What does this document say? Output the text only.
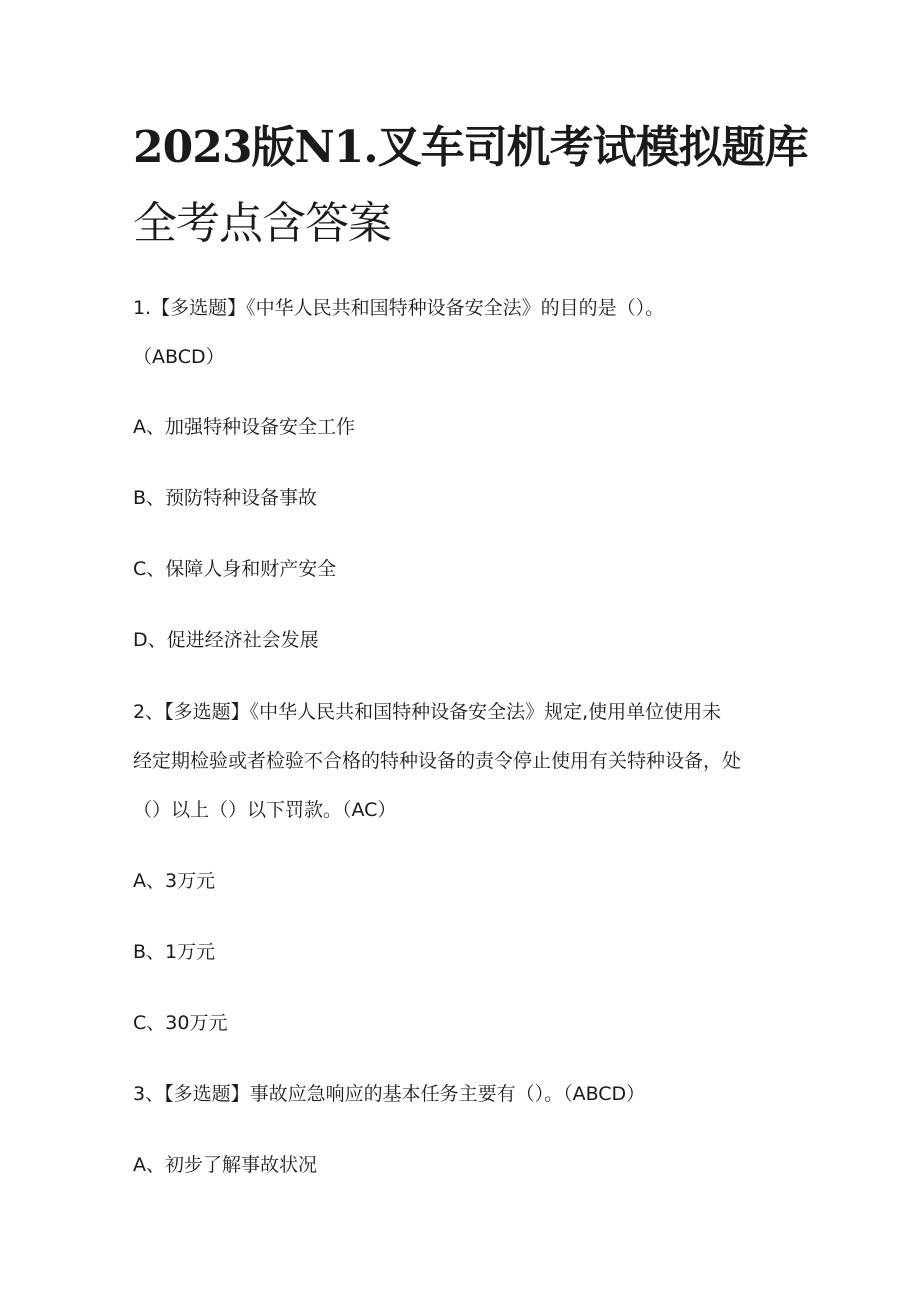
2023版N1.叉车司机考试模拟题库
全考点含答案
1.【多选题】《中华人民共和国特种设备安全法》的目的是（）。
（ABCD）
A、加强特种设备安全工作
B、预防特种设备事故
C、保障人身和财产安全
D、促进经济社会发展
2、【多选题】《中华人民共和国特种设备安全法》规定,使用单位使用未
经定期检验或者检验不合格的特种设备的责令停止使用有关特种设备，处
（）以上（）以下罚款。（AC）
A、3万元
B、1万元
C、30万元
3、【多选题】事故应急响应的基本任务主要有（）。（ABCD）
A、初步了解事故状况
